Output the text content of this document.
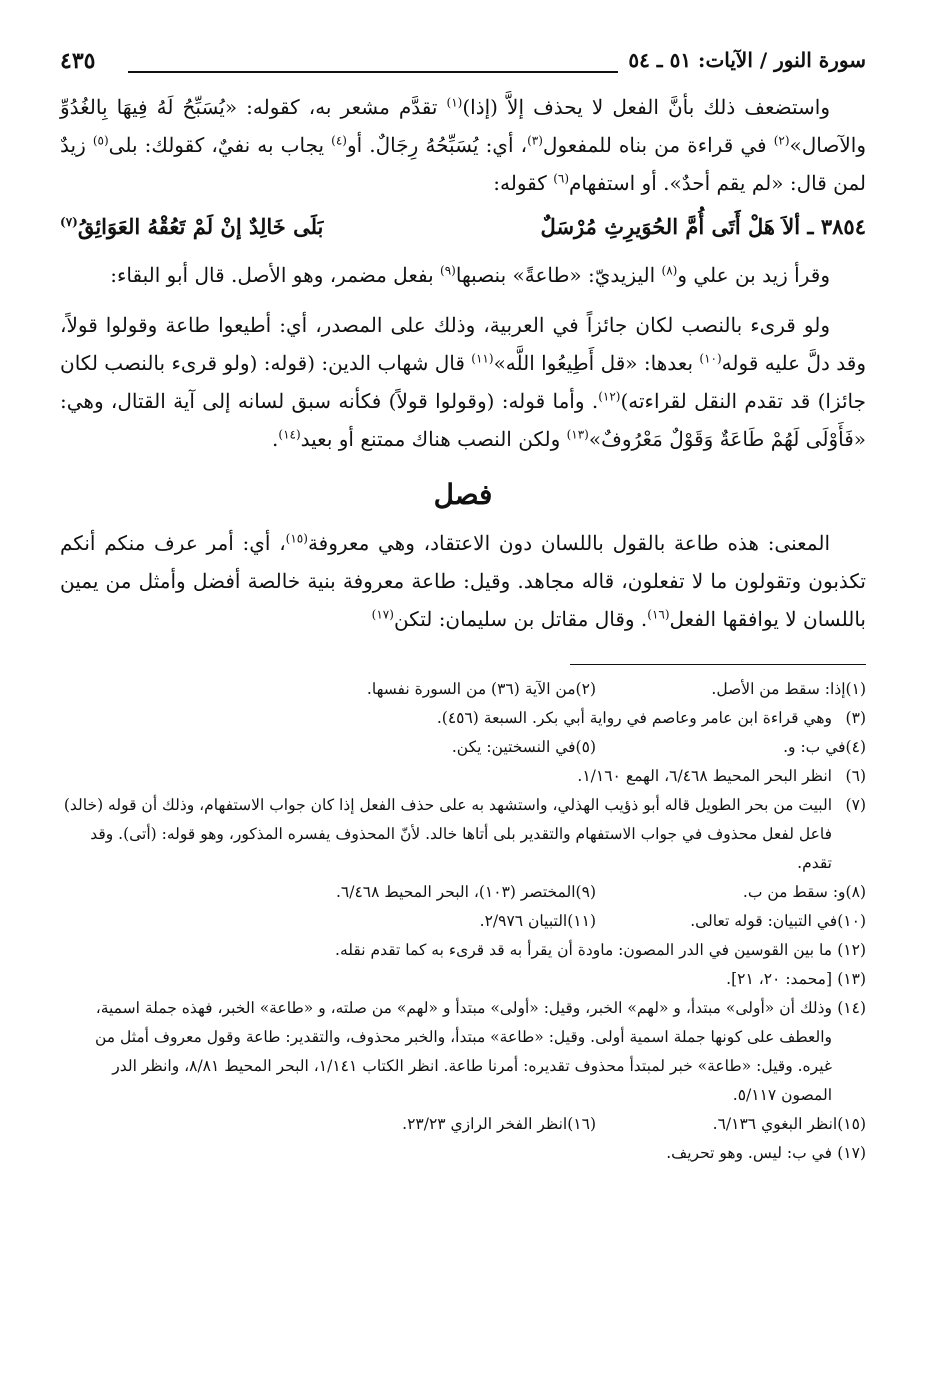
سورة النور / الآيات: ٥١ ـ ٥٤
٤٣٥

واستضعف ذلك بأنَّ الفعل لا يحذف إلاَّ (إذا)$^{(١)}$ تقدَّم مشعر به، كقوله: «يُسَبِّحُ لَهُ فِيهَا بِالغُدُوِّ والآصال»$^{(٢)}$ في قراءة من بناه للمفعول$^{(٣)}$، أي: يُسَبِّحُهُ رِجَالٌ. أو$^{(٤)}$ يجاب به نفيٌ، كقولك: بلى$^{(٥)}$ زيدٌ لمن قال: «لم يقم أحدٌ». أو استفهام$^{(٦)}$ كقوله:

٣٨٥٤ ـ ألاَ هَلْ أَتَى أُمَّ الحُوَيرِثِ مُرْسَلٌ
بَلَى خَالِدٌ إنْ لَمْ تَعُقْهُ العَوَائِقُ$^{(٧)}$

وقرأ زيد بن علي و$^{(٨)}$ اليزيديّ: «طاعةً» بنصبها$^{(٩)}$ بفعل مضمر، وهو الأصل. قال أبو البقاء:

ولو قرىء بالنصب لكان جائزاً في العربية، وذلك على المصدر، أي: أطيعوا طاعة وقولوا قولاً، وقد دلَّ عليه قوله$^{(١٠)}$ بعدها: «قل أَطِيعُوا اللَّه»$^{(١١)}$ قال شهاب الدين: (قوله: (ولو قرىء بالنصب لكان جائزا) قد تقدم النقل لقراءته)$^{(١٢)}$. وأما قوله: (وقولوا قولاً) فكأنه سبق لسانه إلى آية القتال، وهي: «فَأَوْلَى لَهُمْ طَاعَةٌ وَقَوْلٌ مَعْرُوفٌ»$^{(١٣)}$ ولكن النصب هناك ممتنع أو بعيد$^{(١٤)}$.

فصل

المعنى: هذه طاعة بالقول باللسان دون الاعتقاد، وهي معروفة$^{(١٥)}$، أي: أمر عرف منكم أنكم تكذبون وتقولون ما لا تفعلون، قاله مجاهد. وقيل: طاعة معروفة بنية خالصة أفضل وأمثل من يمين باللسان لا يوافقها الفعل$^{(١٦)}$. وقال مقاتل بن سليمان: لتكن$^{(١٧)}$

(١)
إذا: سقط من الأصل.
(٢)
من الآية (٣٦) من السورة نفسها.
(٣)
وهي قراءة ابن عامر وعاصم في رواية أبي بكر. السبعة (٤٥٦).
(٤)
في ب: و.
(٥)
في النسختين: يكن.
(٦)
انظر البحر المحيط ٦/٤٦٨، الهمع ١/١٦٠.
(٧)
البيت من بحر الطويل قاله أبو ذؤيب الهذلي، واستشهد به على حذف الفعل إذا كان جواب الاستفهام، وذلك أن قوله (خالد) فاعل لفعل محذوف في جواب الاستفهام والتقدير بلى أتاها خالد. لأنّ المحذوف يفسره المذكور، وهو قوله: (أتى). وقد تقدم.
(٨)
و: سقط من ب.
(٩)
المختصر (١٠٣)، البحر المحيط ٦/٤٦٨.
(١٠)
في التبيان: قوله تعالى.
(١١)
التبيان ٢/٩٧٦.
(١٢)
ما بين القوسين في الدر المصون: ماودة أن يقرأ به قد قرىء به كما تقدم نقله.
(١٣)
[محمد: ٢٠، ٢١].
(١٤)
وذلك أن «أولى» مبتدأ، و «لهم» الخبر، وقيل: «أولى» مبتدأ و «لهم» من صلته، و «طاعة» الخبر، فهذه جملة اسمية، والعطف على كونها جملة اسمية أولى. وقيل: «طاعة» مبتدأ، والخبر محذوف، والتقدير: طاعة وقول معروف أمثل من غيره. وقيل: «طاعة» خبر لمبتدأ محذوف تقديره: أمرنا طاعة. انظر الكتاب ١/١٤١، البحر المحيط ٨/٨١، وانظر الدر المصون ٥/١١٧.
(١٥)
انظر البغوي ٦/١٣٦.
(١٦)
انظر الفخر الرازي ٢٣/٢٣.
(١٧)
في ب: ليس. وهو تحريف.
